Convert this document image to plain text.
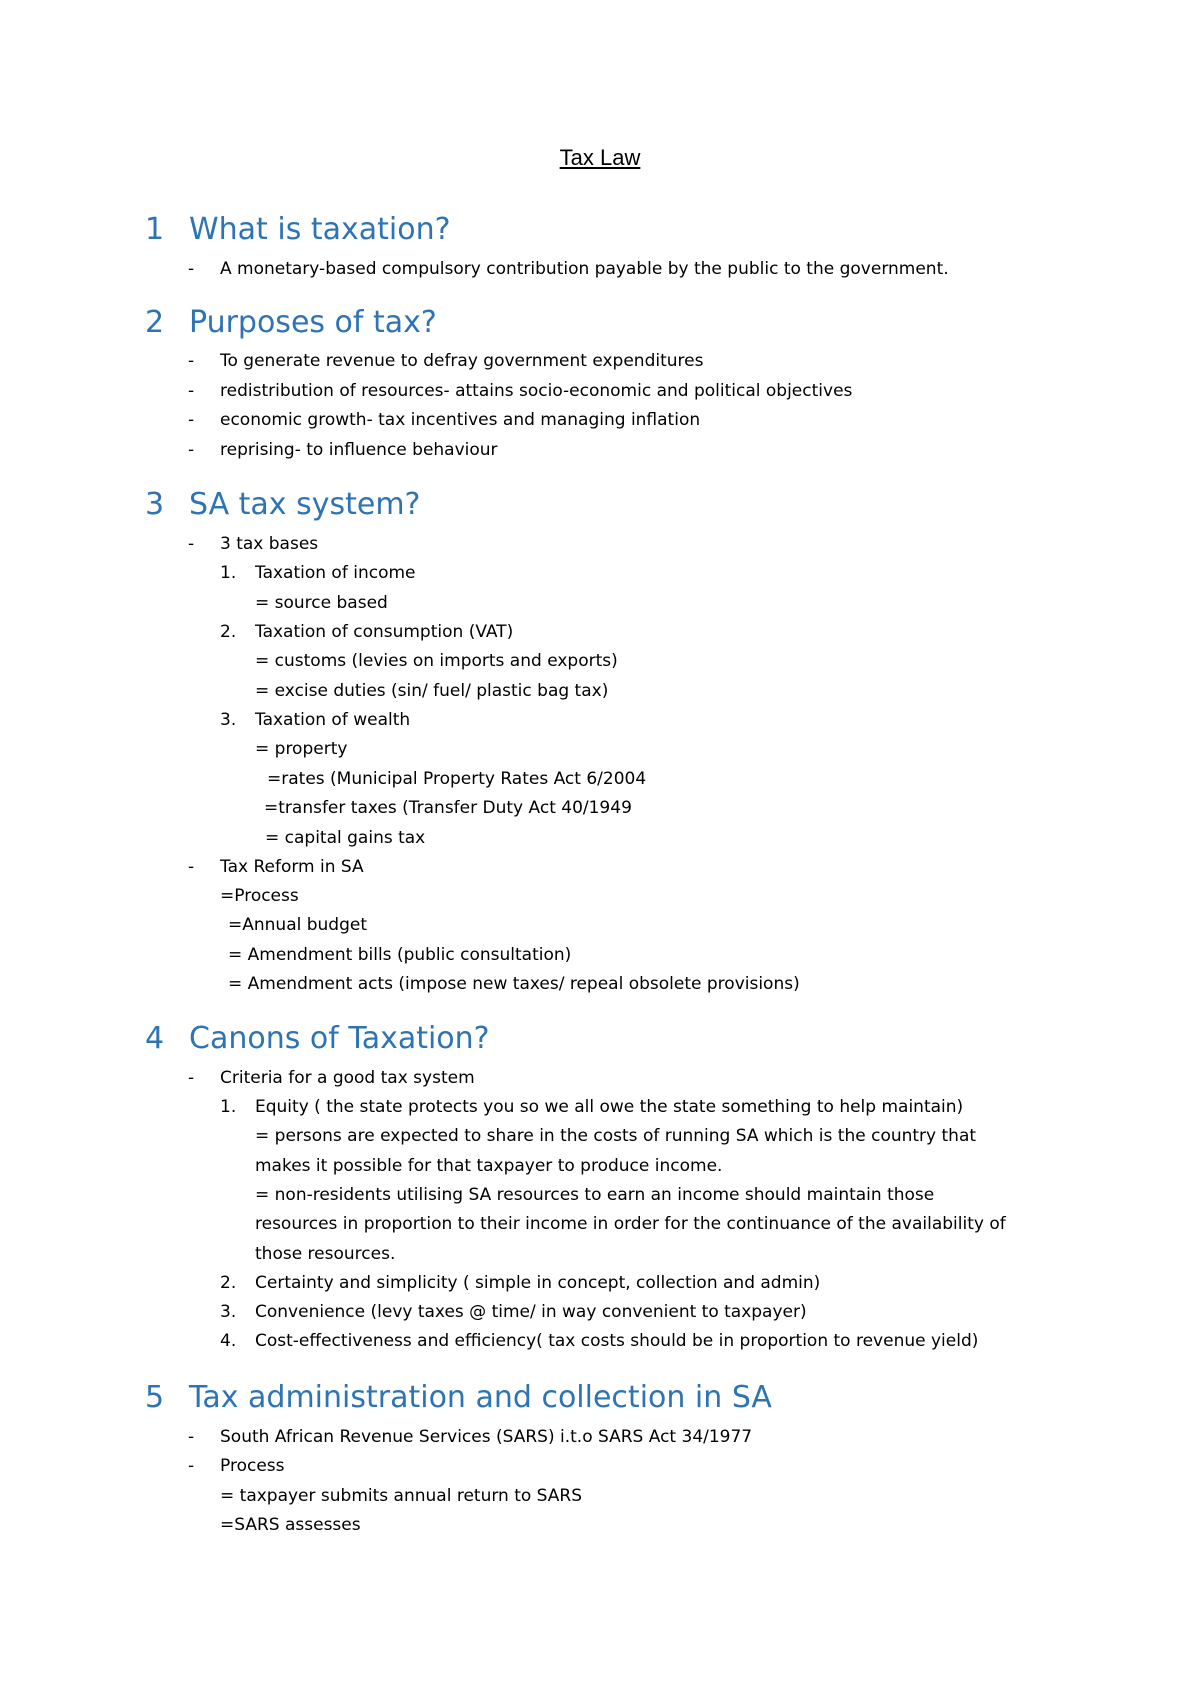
Tax Law
1 What is taxation?
- A monetary-based compulsory contribution payable by the public to the government.
2 Purposes of tax?
- To generate revenue to defray government expenditures
- redistribution of resources- attains socio-economic and political objectives
- economic growth- tax incentives and managing inflation
- reprising- to influence behaviour
3 SA tax system?
- 3 tax bases
1. Taxation of income
= source based
2. Taxation of consumption (VAT)
= customs (levies on imports and exports)
= excise duties (sin/ fuel/ plastic bag tax)
3. Taxation of wealth
= property
=rates (Municipal Property Rates Act 6/2004
=transfer taxes (Transfer Duty Act 40/1949
= capital gains tax
- Tax Reform in SA
=Process
=Annual budget
= Amendment bills (public consultation)
= Amendment acts (impose new taxes/ repeal obsolete provisions)
4 Canons of Taxation?
- Criteria for a good tax system
1. Equity ( the state protects you so we all owe the state something to help maintain)
= persons are expected to share in the costs of running SA which is the country that
makes it possible for that taxpayer to produce income.
= non-residents utilising SA resources to earn an income should maintain those
resources in proportion to their income in order for the continuance of the availability of
those resources.
2. Certainty and simplicity ( simple in concept, collection and admin)
3. Convenience (levy taxes @ time/ in way convenient to taxpayer)
4. Cost-effectiveness and efficiency( tax costs should be in proportion to revenue yield)
5 Tax administration and collection in SA
- South African Revenue Services (SARS) i.t.o SARS Act 34/1977
- Process
= taxpayer submits annual return to SARS
=SARS assesses
